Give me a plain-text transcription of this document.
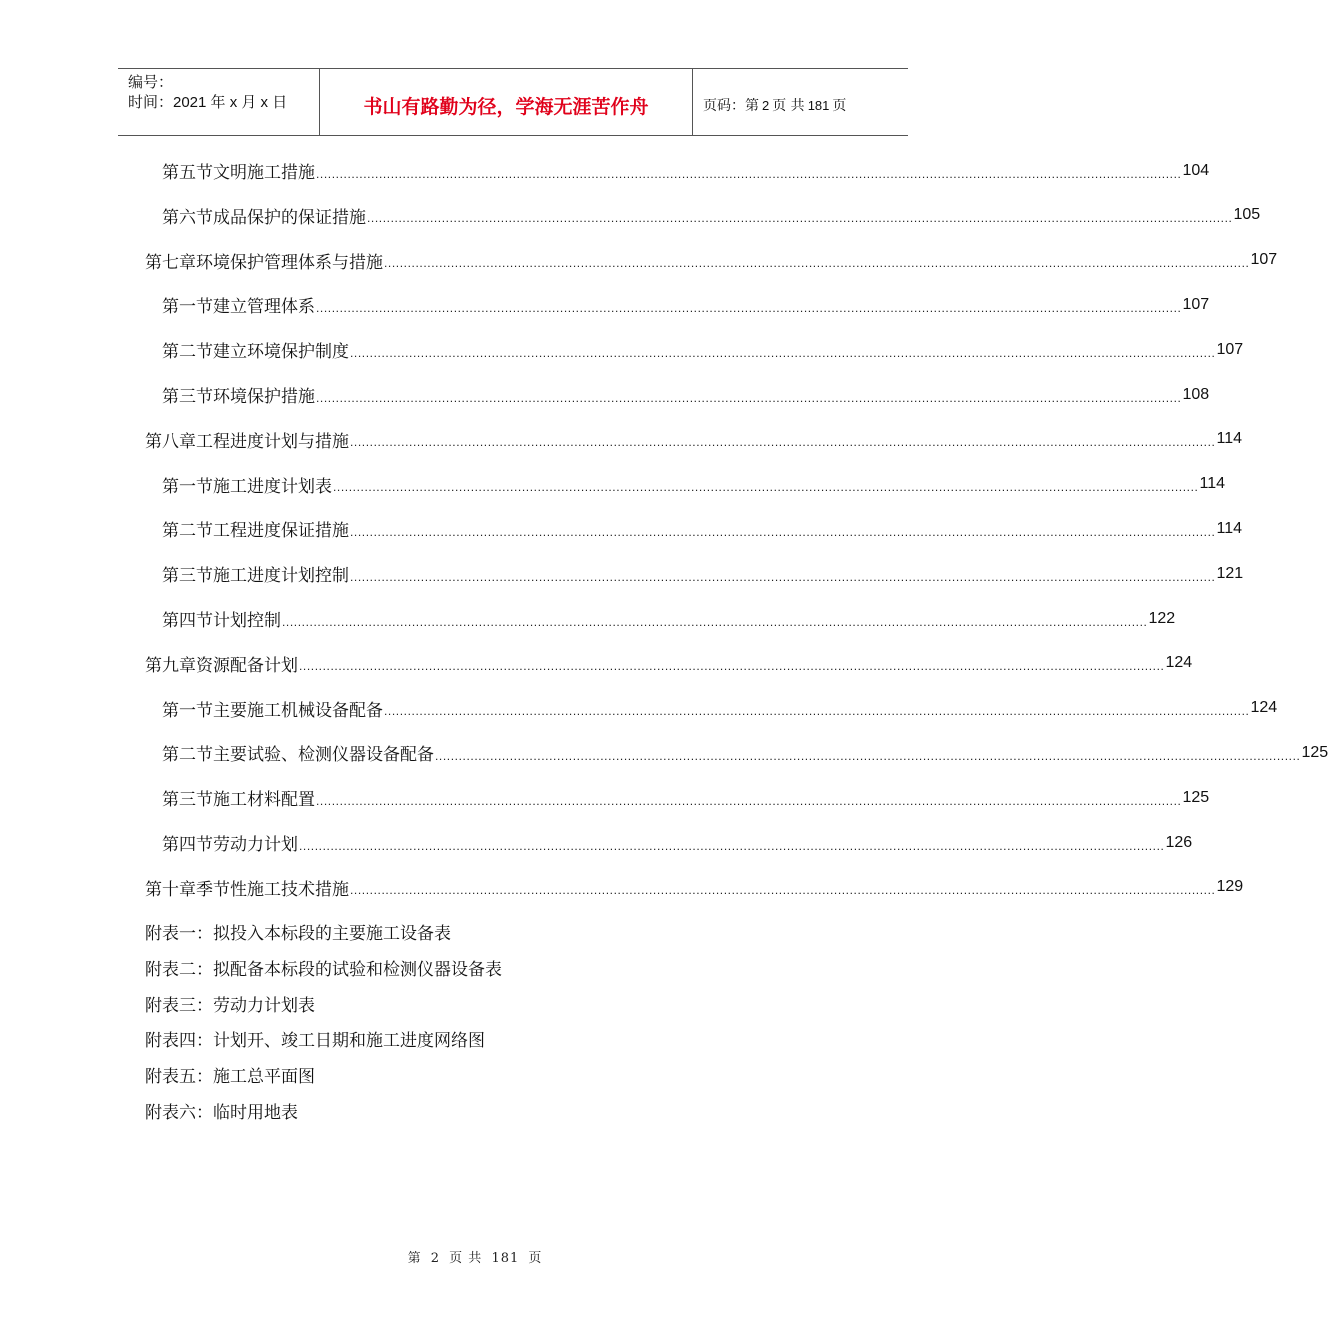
编号：
时间：2021 年 x 月 x 日	书山有路勤为径，学海无涯苦作舟	页码：第 2 页 共 181 页
第五节 文明施工措施 ............................................................................................................................................................................................................................ 104
第六节 成品保护的保证措施 ............................................................................................................................................................................................................................ 105
第七章 环境保护管理体系与措施 ............................................................................................................................................................................................................................ 107
第一节 建立管理体系 ............................................................................................................................................................................................................................ 107
第二节 建立环境保护制度 ............................................................................................................................................................................................................................ 107
第三节 环境保护措施 ............................................................................................................................................................................................................................ 108
第八章 工程进度计划与措施 ............................................................................................................................................................................................................................ 114
第一节 施工进度计划表 ............................................................................................................................................................................................................................ 114
第二节 工程进度保证措施 ............................................................................................................................................................................................................................ 114
第三节 施工进度计划控制 ............................................................................................................................................................................................................................ 121
第四节 计划控制 ............................................................................................................................................................................................................................ 122
第九章 资源配备计划 ............................................................................................................................................................................................................................ 124
第一节 主要施工机械设备配备 ............................................................................................................................................................................................................................ 124
第二节 主要试验、检测仪器设备配备 ............................................................................................................................................................................................................................ 125
第三节 施工材料配置 ............................................................................................................................................................................................................................ 125
第四节 劳动力计划 ............................................................................................................................................................................................................................ 126
第十章 季节性施工技术措施 ............................................................................................................................................................................................................................ 129
附表一：拟投入本标段的主要施工设备表
附表二：拟配备本标段的试验和检测仪器设备表
附表三：劳动力计划表
附表四：计划开、竣工日期和施工进度网络图
附表五：施工总平面图
附表六：临时用地表
第 2 页 共 181 页
